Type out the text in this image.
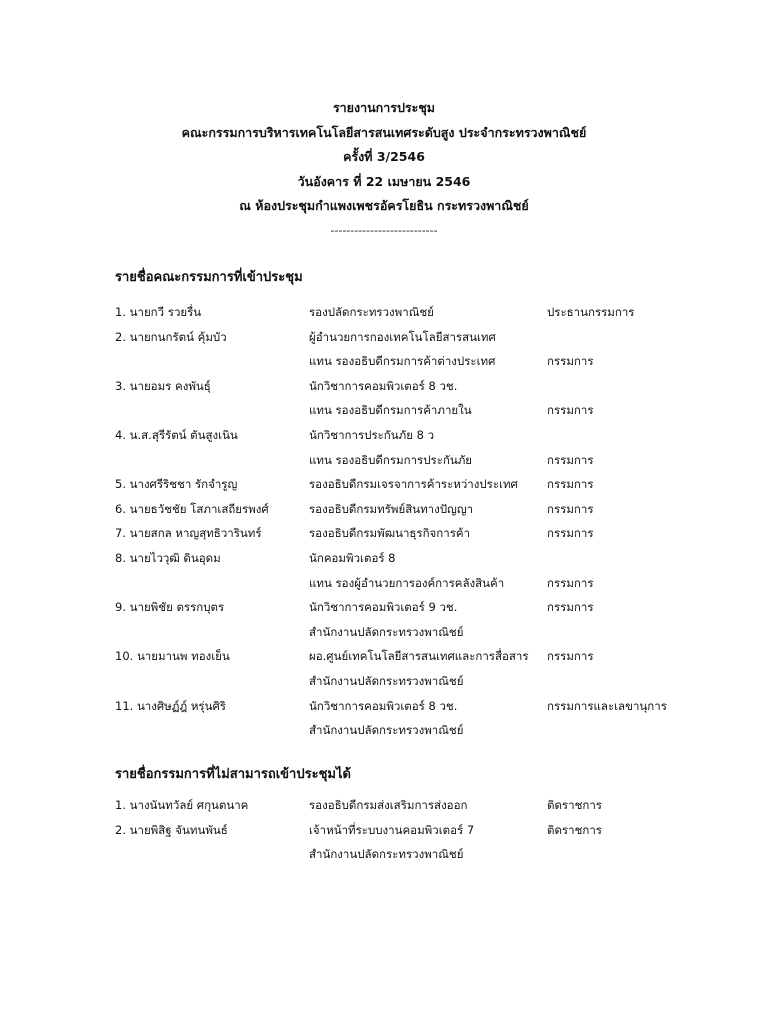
รายงานการประชุม
คณะกรรมการบริหารเทคโนโลยีสารสนเทศระดับสูง ประจำกระทรวงพาณิชย์
ครั้งที่ 3/2546
วันอังคาร ที่ 22 เมษายน 2546
ณ ห้องประชุมกำแพงเพชรอัครโยธิน กระทรวงพาณิชย์
---------------------------
รายชื่อคณะกรรมการที่เข้าประชุม
1. นายกวี รวยรื่น	รองปลัดกระทรวงพาณิชย์	ประธานกรรมการ
2. นายกนกรัตน์ คุ้มบัว	ผู้อำนวยการกองเทคโนโลยีสารสนเทศ
แทน รองอธิบดีกรมการค้าต่างประเทศ	กรรมการ
3. นายอมร คงพันธุ์	นักวิชาการคอมพิวเตอร์ 8 วช.
แทน รองอธิบดีกรมการค้าภายใน	กรรมการ
4. น.ส.สุรีรัตน์ ตันสูงเนิน	นักวิชาการประกันภัย 8 ว
แทน รองอธิบดีกรมการประกันภัย	กรรมการ
5. นางศรีริชชา รักจำรูญ	รองอธิบดีกรมเจรจาการค้าระหว่างประเทศ	กรรมการ
6. นายธวัชชัย โสภาเสถียรพงศ์	รองอธิบดีกรมทรัพย์สินทางปัญญา	กรรมการ
7. นายสกล หาญสุทธิวารินทร์	รองอธิบดีกรมพัฒนาธุรกิจการค้า	กรรมการ
8. นายไววุฒิ ดินอุดม	นักคอมพิวเตอร์ 8
แทน รองผู้อำนวยการองค์การคลังสินค้า	กรรมการ
9. นายพิชัย ตรรกบุตร	นักวิชาการคอมพิวเตอร์ 9 วช.	กรรมการ
สำนักงานปลัดกระทรวงพาณิชย์
10. นายมานพ ทองเย็น	ผอ.ศูนย์เทคโนโลยีสารสนเทศและการสื่อสาร	กรรมการ
สำนักงานปลัดกระทรวงพาณิชย์
11. นางศิษฏ์ฎ์ หรุ่นศิริ	นักวิชาการคอมพิวเตอร์ 8 วช.	กรรมการและเลขานุการ
สำนักงานปลัดกระทรวงพาณิชย์
รายชื่อกรรมการที่ไม่สามารถเข้าประชุมได้
1. นางนันทวัลย์ ศกุนตนาค	รองอธิบดีกรมส่งเสริมการส่งออก	ติดราชการ
2. นายพิสิฐ จันทนพันธ์	เจ้าหน้าที่ระบบงานคอมพิวเตอร์ 7	ติดราชการ
สำนักงานปลัดกระทรวงพาณิชย์
